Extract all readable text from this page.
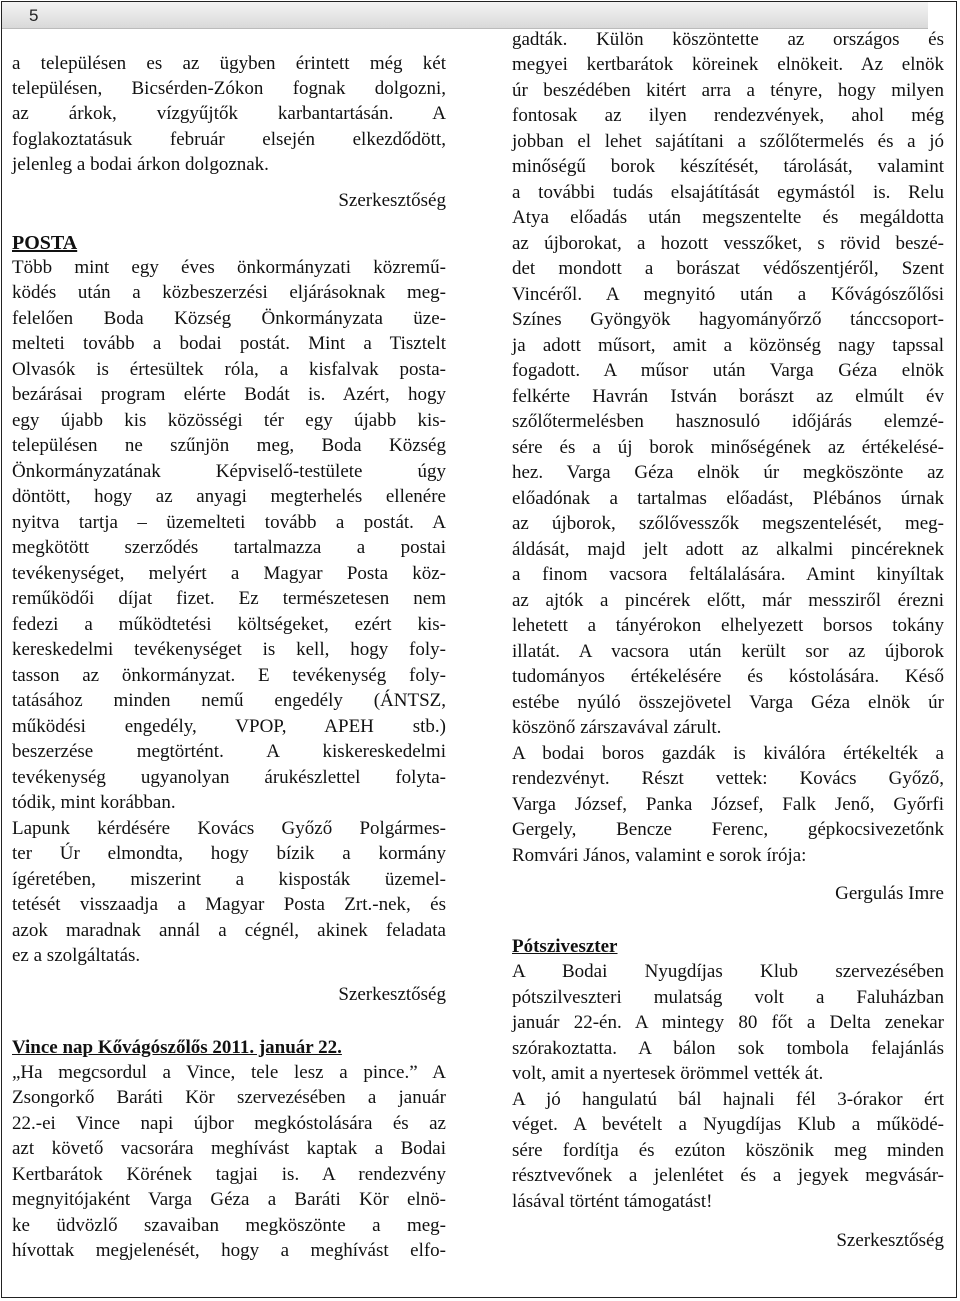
5
a településen es az ügyben érintett még két
településen, Bicsérden-Zókon fognak dolgozni,
az árkok, vízgyűjtők karbantartásán. A
foglakoztatásuk február elsején elkezdődött,
jelenleg a bodai árkon dolgoznak.
Szerkesztőség
POSTA
Több mint egy éves önkormányzati közremű-
ködés után a közbeszerzési eljárásoknak meg-
felelően Boda Község Önkormányzata üze-
melteti tovább a bodai postát. Mint a Tisztelt
Olvasók is értesültek róla, a kisfalvak posta-
bezárásai program elérte Bodát is. Azért, hogy
egy újabb kis közösségi tér egy újabb kis-
településen ne szűnjön meg, Boda Község
Önkormányzatának Képviselő-testülete úgy
döntött, hogy az anyagi megterhelés ellenére
nyitva tartja – üzemelteti tovább a postát. A
megkötött szerződés tartalmazza a postai
tevékenységet, melyért a Magyar Posta köz-
reműködői díjat fizet. Ez természetesen nem
fedezi a működtetési költségeket, ezért kis-
kereskedelmi tevékenységet is kell, hogy foly-
tasson az önkormányzat. E tevékenység foly-
tatásához minden nemű engedély (ÁNTSZ,
működési engedély, VPOP, APEH stb.)
beszerzése megtörtént. A kiskereskedelmi
tevékenység ugyanolyan árukészlettel folyta-
tódik, mint korábban.
Lapunk kérdésére Kovács Győző Polgármes-
ter Úr elmondta, hogy bízik a kormány
ígéretében, miszerint a kisposták üzemel-
tetését visszaadja a Magyar Posta Zrt.-nek, és
azok maradnak annál a cégnél, akinek feladata
ez a szolgáltatás.
Szerkesztőség
Vince nap Kővágószőlős 2011. január 22.
„Ha megcsordul a Vince, tele lesz a pince.” A
Zsongorkő Baráti Kör szervezésében a január
22.-ei Vince napi újbor megkóstolására és az
azt követő vacsorára meghívást kaptak a Bodai
Kertbarátok Körének tagjai is. A rendezvény
megnyitójaként Varga Géza a Baráti Kör elnö-
ke üdvözlő szavaiban megköszönte a meg-
hívottak megjelenését, hogy a meghívást elfo-
gadták. Külön köszöntette az országos és
megyei kertbarátok köreinek elnökeit. Az elnök
úr beszédében kitért arra a tényre, hogy milyen
fontosak az ilyen rendezvények, ahol még
jobban el lehet sajátítani a szőlőtermelés és a jó
minőségű borok készítését, tárolását, valamint
a további tudás elsajátítását egymástól is. Relu
Atya előadás után megszentelte és megáldotta
az újborokat, a hozott vesszőket, s rövid beszé-
det mondott a borászat védőszentjéről, Szent
Vincéről. A megnyitó után a Kővágószőlősi
Színes Gyöngyök hagyományőrző tánccsoport-
ja adott műsort, amit a közönség nagy tapssal
fogadott. A műsor után Varga Géza elnök
felkérte Havrán István borászt az elmúlt év
szőlőtermelésben hasznosuló időjárás elemzé-
sére és a új borok minőségének az értékelésé-
hez. Varga Géza elnök úr megköszönte az
előadónak a tartalmas előadást, Plébános úrnak
az újborok, szőlővesszők megszentelését, meg-
áldását, majd jelt adott az alkalmi pincéreknek
a finom vacsora feltálalására. Amint kinyíltak
az ajtók a pincérek előtt, már messziről érezni
lehetett a tányérokon elhelyezett borsos tokány
illatát. A vacsora után került sor az újborok
tudományos értékelésére és kóstolására. Késő
estébe nyúló összejövetel Varga Géza elnök úr
köszönő zárszavával zárult.
A bodai boros gazdák is kiválóra értékelték a
rendezvényt. Részt vettek: Kovács Győző,
Varga József, Panka József, Falk Jenő, Győrfi
Gergely, Bencze Ferenc, gépkocsivezetőnk
Romvári János, valamint e sorok írója:
Gergulás Imre
Pótsziveszter
A Bodai Nyugdíjas Klub szervezésében
pótszilveszteri mulatság volt a Faluházban
január 22-én. A mintegy 80 főt a Delta zenekar
szórakoztatta. A bálon sok tombola felajánlás
volt, amit a nyertesek örömmel vették át.
A jó hangulatú bál hajnali fél 3-órakor ért
véget. A bevételt a Nyugdíjas Klub a működé-
sére fordítja és ezúton köszönik meg minden
résztvevőnek a jelenlétet és a jegyek megvásár-
lásával történt támogatást!
Szerkesztőség
